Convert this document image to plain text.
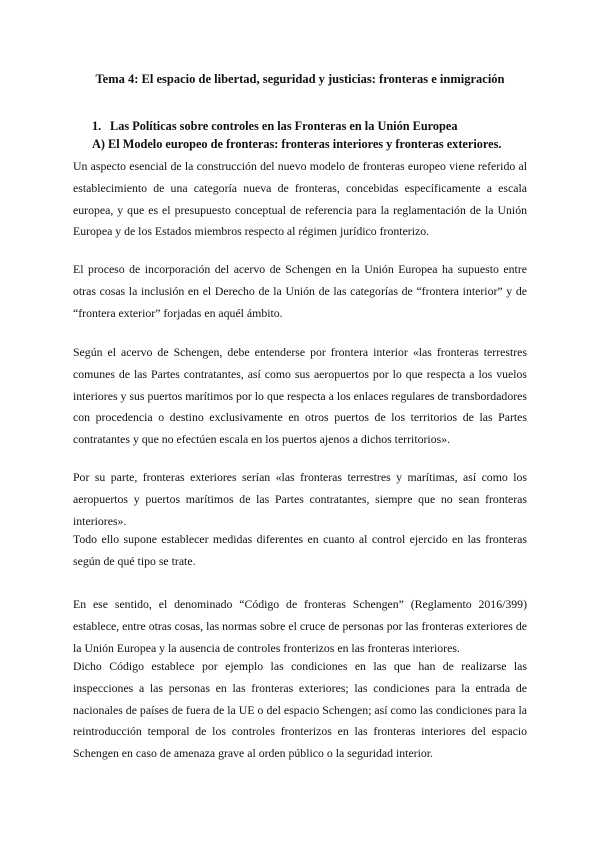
Tema 4: El espacio de libertad, seguridad y justicias: fronteras e inmigración

1. Las Políticas sobre controles en las Fronteras en la Unión Europea

A) El Modelo europeo de fronteras: fronteras interiores y fronteras exteriores.

Un aspecto esencial de la construcción del nuevo modelo de fronteras europeo viene referido al establecimiento de una categoría nueva de fronteras, concebidas específicamente a escala europea, y que es el presupuesto conceptual de referencia para la reglamentación de la Unión Europea y de los Estados miembros respecto al régimen jurídico fronterizo.

El proceso de incorporación del acervo de Schengen en la Unión Europea ha supuesto entre otras cosas la inclusión en el Derecho de la Unión de las categorías de “frontera interior” y de “frontera exterior” forjadas en aquél ámbito.

Según el acervo de Schengen, debe entenderse por frontera interior «las fronteras terrestres comunes de las Partes contratantes, así como sus aeropuertos por lo que respecta a los vuelos interiores y sus puertos marítimos por lo que respecta a los enlaces regulares de transbordadores con procedencia o destino exclusivamente en otros puertos de los territorios de las Partes contratantes y que no efectúen escala en los puertos ajenos a dichos territorios».

Por su parte, fronteras exteriores serían «las fronteras terrestres y marítimas, así como los aeropuertos y puertos marítimos de las Partes contratantes, siempre que no sean fronteras interiores».

Todo ello supone establecer medidas diferentes en cuanto al control ejercido en las fronteras según de qué tipo se trate.

En ese sentido, el denominado “Código de fronteras Schengen” (Reglamento 2016/399) establece, entre otras cosas, las normas sobre el cruce de personas por las fronteras exteriores de la Unión Europea y la ausencia de controles fronterizos en las fronteras interiores.

Dicho Código establece por ejemplo las condiciones en las que han de realizarse las inspecciones a las personas en las fronteras exteriores; las condiciones para la entrada de nacionales de países de fuera de la UE o del espacio Schengen; así como las condiciones para la reintroducción temporal de los controles fronterizos en las fronteras interiores del espacio Schengen en caso de amenaza grave al orden público o la seguridad interior.
